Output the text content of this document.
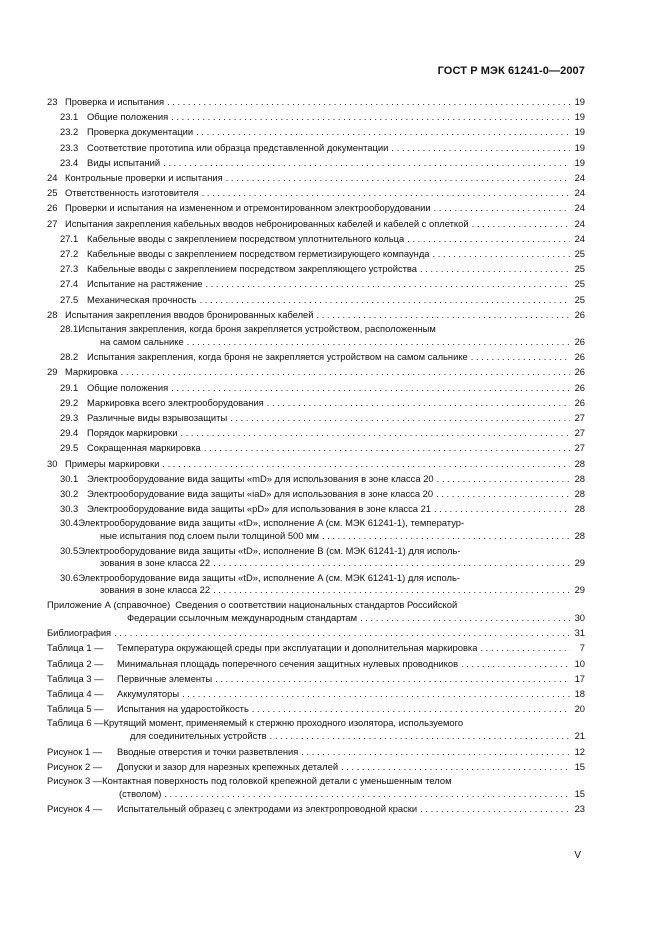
ГОСТ Р МЭК 61241-0—2007
23 Проверка и испытания . . .	19
23.1 Общие положения . . .	19
23.2 Проверка документации . . .	19
23.3 Соответствие прототипа или образца представленной документации . . .	19
23.4 Виды испытаний . . .	19
24 Контрольные проверки и испытания . . .	24
25 Ответственность изготовителя . . .	24
26 Проверки и испытания на измененном и отремонтированном электрооборудовании . . .	24
27 Испытания закрепления кабельных вводов небронированных кабелей и кабелей с оплеткой . . .	24
27.1 Кабельные вводы с закреплением посредством уплотнительного кольца . . .	24
27.2 Кабельные вводы с закреплением посредством герметизирующего компаунда . . .	25
27.3 Кабельные вводы с закреплением посредством закрепляющего устройства . . .	25
27.4 Испытание на растяжение . . .	25
27.5 Механическая прочность . . .	25
28 Испытания закрепления вводов бронированных кабелей . . .	26
28.1Испытания закрепления, когда броня закрепляется устройством, расположенным
на самом сальнике . . .	26
28.2 Испытания закрепления, когда броня не закрепляется устройством на самом сальнике . . .	26
29 Маркировка . . .	26
29.1 Общие положения . . .	26
29.2 Маркировка всего электрооборудования . . .	26
29.3 Различные виды взрывозащиты . . .	27
29.4 Порядок маркировки . . .	27
29.5 Сокращенная маркировка . . .	27
30 Примеры маркировки . . .	28
30.1 Электрооборудование вида защиты «mD» для использования в зоне класса 20 . . .	28
30.2 Электрооборудование вида защиты «iaD» для использования в зоне класса 20 . . .	28
30.3 Электрооборудование вида защиты «pD» для использования в зоне класса 21 . . .	28
30.4Электрооборудование вида защиты «tD», исполнение A (см. МЭК 61241-1), температур-
ные испытания под слоем пыли толщиной 500 мм . . .	28
30.5Электрооборудование вида защиты «tD», исполнение B (см. МЭК 61241-1) для исполь-
зования в зоне класса 22 . . .	29
30.6Электрооборудование вида защиты «tD», исполнение A (см. МЭК 61241-1) для исполь-
зования в зоне класса 22 . . .	29
Приложение А (справочное) Сведения о соответствии национальных стандартов Российской
Федерации ссылочным международным стандартам . . .	30
Библиография . . .	31
Таблица 1 —	Температура окружающей среды при эксплуатации и дополнительная маркировка . . .	7
Таблица 2 —	Минимальная площадь поперечного сечения защитных нулевых проводников . . .	10
Таблица 3 —	Первичные элементы . . .	17
Таблица 4 —	Аккумуляторы . . .	18
Таблица 5 —	Испытания на ударостойкость . . .	20
Таблица 6 —Крутящий момент, применяемый к стержню проходного изолятора, используемого
для соединительных устройств . . .	21
Рисунок 1 —	Вводные отверстия и точки разветвления . . .	12
Рисунок 2 —	Допуски и зазор для нарезных крепежных деталей . . .	15
Рисунок 3 —Контактная поверхность под головкой крепежной детали с уменьшенным телом
(стволом) . . .	15
Рисунок 4 —	Испытательный образец с электродами из электропроводной краски . . .	23
V
